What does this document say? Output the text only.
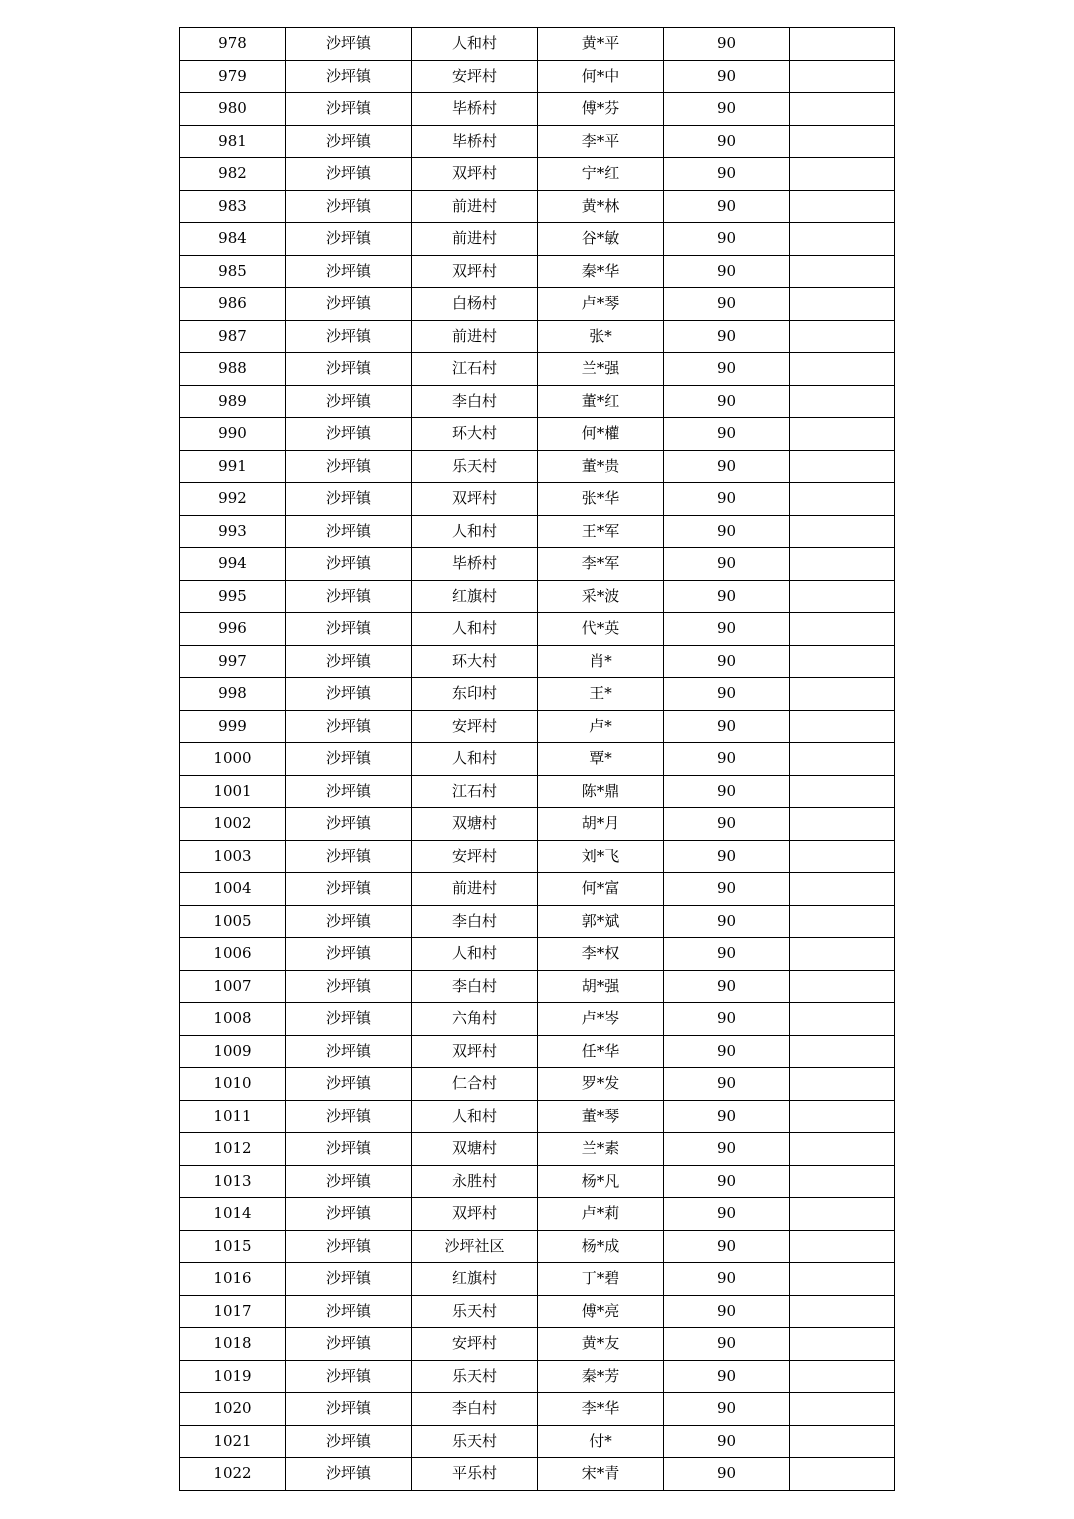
978	沙坪镇	人和村	黄*平	90	
979	沙坪镇	安坪村	何*中	90	
980	沙坪镇	毕桥村	傅*芬	90	
981	沙坪镇	毕桥村	李*平	90	
982	沙坪镇	双坪村	宁*红	90	
983	沙坪镇	前进村	黄*林	90	
984	沙坪镇	前进村	谷*敏	90	
985	沙坪镇	双坪村	秦*华	90	
986	沙坪镇	白杨村	卢*琴	90	
987	沙坪镇	前进村	张*	90	
988	沙坪镇	江石村	兰*强	90	
989	沙坪镇	李白村	董*红	90	
990	沙坪镇	环大村	何*權	90	
991	沙坪镇	乐天村	董*贵	90	
992	沙坪镇	双坪村	张*华	90	
993	沙坪镇	人和村	王*军	90	
994	沙坪镇	毕桥村	李*军	90	
995	沙坪镇	红旗村	采*波	90	
996	沙坪镇	人和村	代*英	90	
997	沙坪镇	环大村	肖*	90	
998	沙坪镇	东印村	王*	90	
999	沙坪镇	安坪村	卢*	90	
1000	沙坪镇	人和村	覃*	90	
1001	沙坪镇	江石村	陈*鼎	90	
1002	沙坪镇	双塘村	胡*月	90	
1003	沙坪镇	安坪村	刘*飞	90	
1004	沙坪镇	前进村	何*富	90	
1005	沙坪镇	李白村	郭*斌	90	
1006	沙坪镇	人和村	李*权	90	
1007	沙坪镇	李白村	胡*强	90	
1008	沙坪镇	六角村	卢*岑	90	
1009	沙坪镇	双坪村	任*华	90	
1010	沙坪镇	仁合村	罗*发	90	
1011	沙坪镇	人和村	董*琴	90	
1012	沙坪镇	双塘村	兰*素	90	
1013	沙坪镇	永胜村	杨*凡	90	
1014	沙坪镇	双坪村	卢*莉	90	
1015	沙坪镇	沙坪社区	杨*成	90	
1016	沙坪镇	红旗村	丁*碧	90	
1017	沙坪镇	乐天村	傅*亮	90	
1018	沙坪镇	安坪村	黄*友	90	
1019	沙坪镇	乐天村	秦*芳	90	
1020	沙坪镇	李白村	李*华	90	
1021	沙坪镇	乐天村	付*	90	
1022	沙坪镇	平乐村	宋*青	90	
